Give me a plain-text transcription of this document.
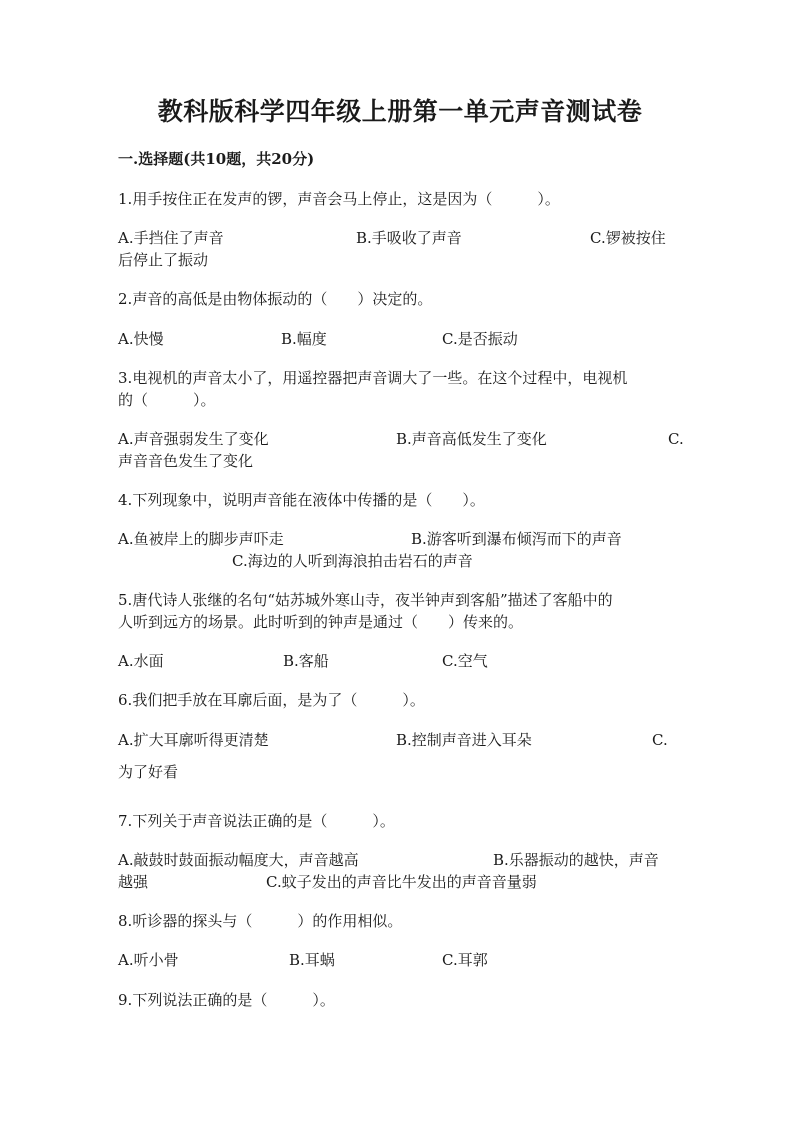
教科版科学四年级上册第一单元声音测试卷
一.选择题(共10题，共20分)

1.用手按住正在发声的锣，声音会马上停止，这是因为（　　　）。

A.手挡住了声音	B.手吸收了声音	C.锣被按住
后停止了振动

2.声音的高低是由物体振动的（　　）决定的。

A.快慢	B.幅度	C.是否振动

3.电视机的声音太小了，用遥控器把声音调大了一些。在这个过程中，电视机

的（　　　）。
A.声音强弱发生了变化	B.声音高低发生了变化	C.
声音音色发生了变化

4.下列现象中，说明声音能在液体中传播的是（　　）。

A.鱼被岸上的脚步声吓走	B.游客听到瀑布倾泻而下的声音
C.海边的人听到海浪拍击岩石的声音

5.唐代诗人张继的名句“姑苏城外寒山寺，夜半钟声到客船”描述了客船中的

人听到远方的场景。此时听到的钟声是通过（　　）传来的。
A.水面	B.客船	C.空气

6.我们把手放在耳廓后面，是为了（　　　）。

A.扩大耳廓听得更清楚	B.控制声音进入耳朵	C.
为了好看

7.下列关于声音说法正确的是（　　　）。

A.敲鼓时鼓面振动幅度大，声音越高	B.乐器振动的越快，声音
越强	C.蚊子发出的声音比牛发出的声音音量弱

8.听诊器的探头与（　　　）的作用相似。

A.听小骨	B.耳蜗	C.耳郭

9.下列说法正确的是（　　　）。
